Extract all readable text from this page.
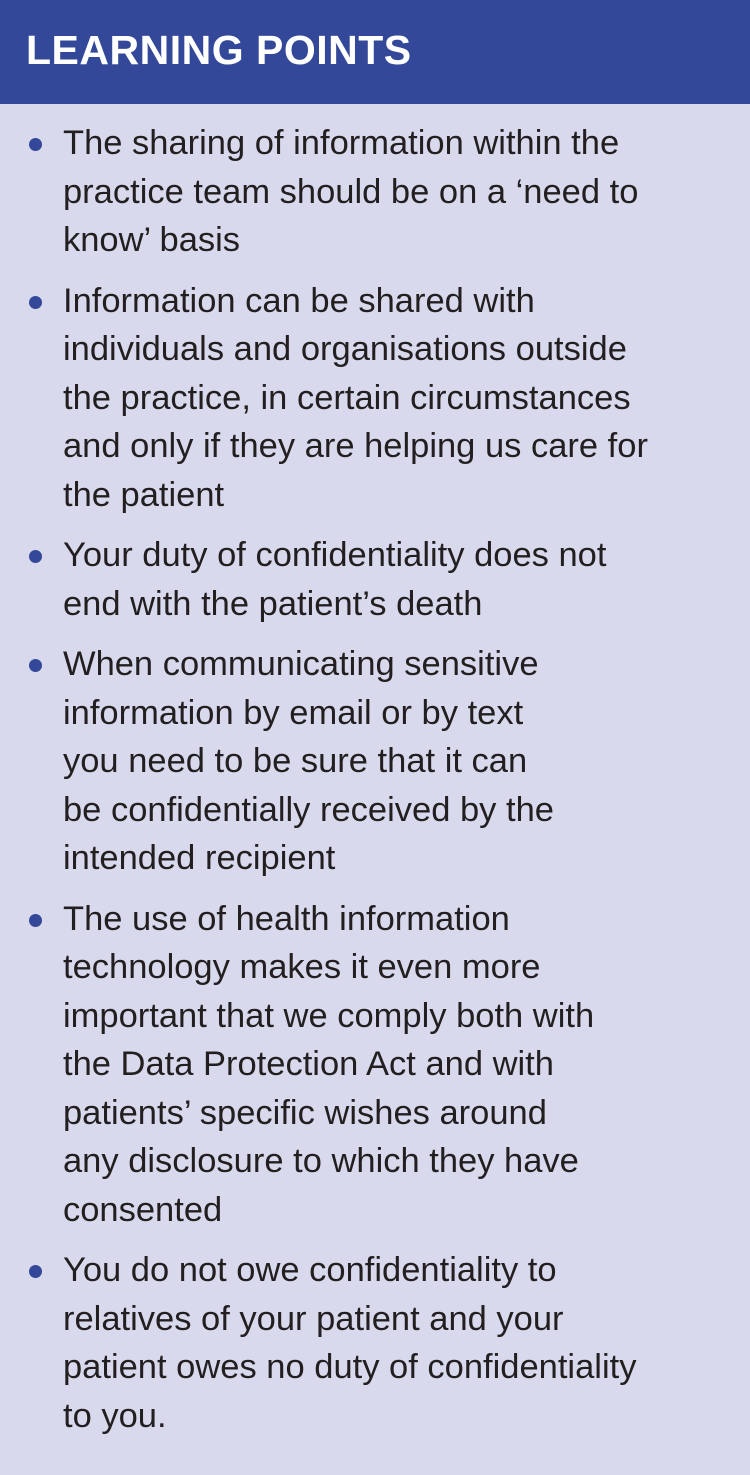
LEARNING POINTS
The sharing of information within the
practice team should be on a ‘need to
know’ basis
Information can be shared with
individuals and organisations outside
the practice, in certain circumstances
and only if they are helping us care for
the patient
Your duty of confidentiality does not
end with the patient’s death
When communicating sensitive
information by email or by text
you need to be sure that it can
be confidentially received by the
intended recipient
The use of health information
technology makes it even more
important that we comply both with
the Data Protection Act and with
patients’ specific wishes around
any disclosure to which they have
consented
You do not owe confidentiality to
relatives of your patient and your
patient owes no duty of confidentiality
to you.
